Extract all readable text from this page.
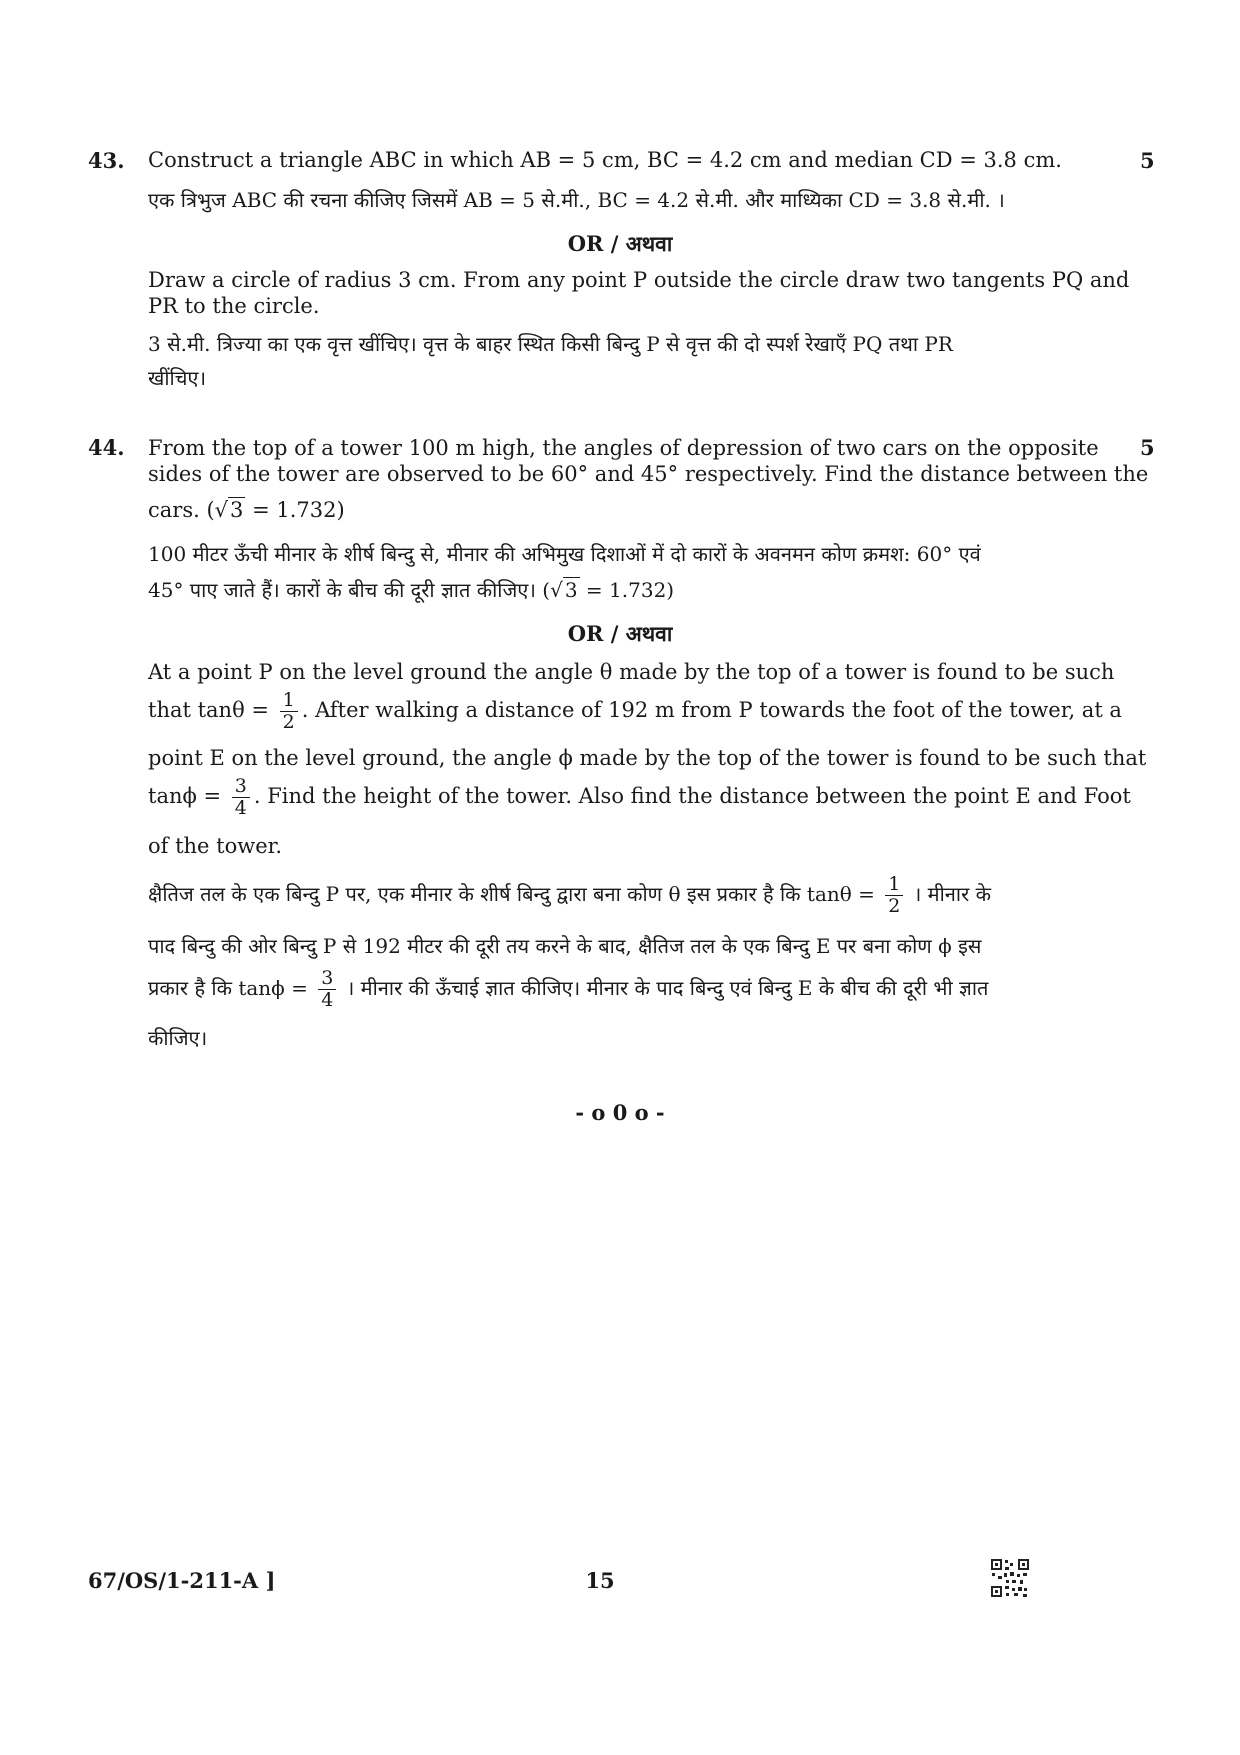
43.	5
Construct a triangle ABC in which AB = 5 cm, BC = 4.2 cm and median CD = 3.8 cm.
एक त्रिभुज ABC की रचना कीजिए जिसमें AB = 5 से.मी., BC = 4.2 से.मी. और माध्यिका CD = 3.8 से.मी. ।
OR / अथवा
Draw a circle of radius 3 cm. From any point P outside the circle draw two tangents PQ and
PR to the circle.
3 से.मी. त्रिज्या का एक वृत्त खींचिए। वृत्त के बाहर स्थित किसी बिन्दु P से वृत्त की दो स्पर्श रेखाएँ PQ तथा PR
खींचिए।
44.	5
From the top of a tower 100 m high, the angles of depression of two cars on the opposite
sides of the tower are observed to be 60° and 45° respectively. Find the distance between the
cars. (√3 = 1.732)
100 मीटर ऊँची मीनार के शीर्ष बिन्दु से, मीनार की अभिमुख दिशाओं में दो कारों के अवनमन कोण क्रमश: 60° एवं
45° पाए जाते हैं। कारों के बीच की दूरी ज्ञात कीजिए। (√ 3 = 1.732)
OR / अथवा
At a point P on the level ground the angle θ made by the top of a tower is found to be such
that $\tan\theta = \frac{1}{2}$ . After walking a distance of 192 m from P towards the foot of the tower, at a
point E on the level ground, the angle ϕ made by the top of the tower is found to be such that
$\tan\phi = \frac{3}{4}$ . Find the height of the tower. Also find the distance between the point E and Foot
of the tower.
क्षैतिज तल के एक बिन्दु P पर, एक मीनार के शीर्ष बिन्दु द्वारा बना कोण θ इस प्रकार है कि $\tan\theta = \frac{1}{2}$ । मीनार के
पाद बिन्दु की ओर बिन्दु P से 192 मीटर की दूरी तय करने के बाद, क्षैतिज तल के एक बिन्दु E पर बना कोण ϕ इस
प्रकार है कि $\tan\phi = \frac{3}{4}$ । मीनार की ऊँचाई ज्ञात कीजिए। मीनार के पाद बिन्दु एवं बिन्दु E के बीच की दूरी भी ज्ञात
कीजिए।
- o 0 o -
67/OS/1-211-A ]	15
